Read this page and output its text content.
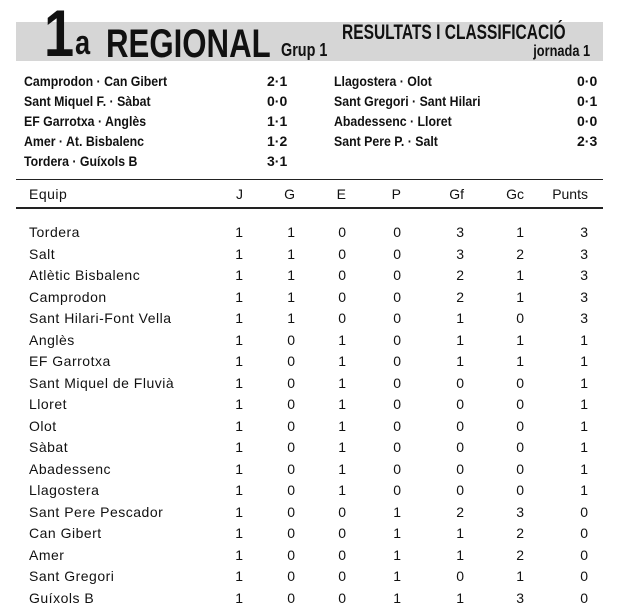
1 a REGIONAL Grup 1
RESULTATS I CLASSIFICACIÓ
jornada 1
Camprodon · Can Gibert	2·1
Sant Miquel F. · Sàbat	0·0
EF Garrotxa · Anglès	1·1
Amer · At. Bisbalenc	1·2
Tordera · Guíxols B	3·1
Llagostera · Olot	0·0
Sant Gregori · Sant Hilari	0·1
Abadessenc · Lloret	0·0
Sant Pere P. · Salt	2·3
Equip	J	G	E	P	Gf	Gc Punts
Tordera	1	1	0	0	3	1	3
Salt	1	1	0	0	3	2	3
Atlètic Bisbalenc	1	1	0	0	2	1	3
Camprodon	1	1	0	0	2	1	3
Sant Hilari-Font Vella	1	1	0	0	1	0	3
Anglès	1	0	1	0	1	1	1
EF Garrotxa	1	0	1	0	1	1	1
Sant Miquel de Fluvià	1	0	1	0	0	0	1
Lloret	1	0	1	0	0	0	1
Olot	1	0	1	0	0	0	1
Sàbat	1	0	1	0	0	0	1
Abadessenc	1	0	1	0	0	0	1
Llagostera	1	0	1	0	0	0	1
Sant Pere Pescador	1	0	0	1	2	3	0
Can Gibert	1	0	0	1	1	2	0
Amer	1	0	0	1	1	2	0
Sant Gregori	1	0	0	1	0	1	0
Guíxols B	1	0	0	1	1	3	0
